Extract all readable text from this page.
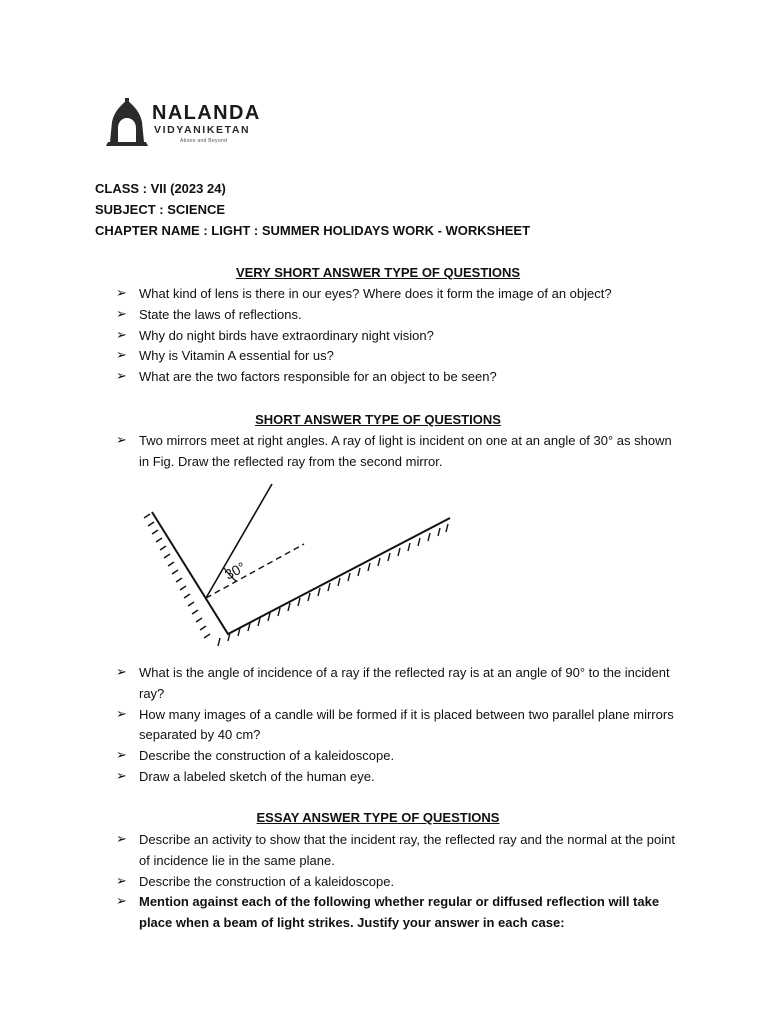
NALANDA
VIDYANIKETAN
Above and Beyond
CLASS : VII (2023 24)
SUBJECT : SCIENCE
CHAPTER NAME : LIGHT : SUMMER HOLIDAYS WORK - WORKSHEET
VERY SHORT ANSWER TYPE OF QUESTIONS
➢ What kind of lens is there in our eyes? Where does it form the image of an object?
➢ State the laws of reflections.
➢ Why do night birds have extraordinary night vision?
➢ Why is Vitamin A essential for us?
➢ What are the two factors responsible for an object to be seen?
SHORT ANSWER TYPE OF QUESTIONS
➢ Two mirrors meet at right angles. A ray of light is incident on one at an angle of 30° as shown in Fig. Draw the reflected ray from the second mirror.
30°
➢ What is the angle of incidence of a ray if the reflected ray is at an angle of 90° to the incident ray?
➢ How many images of a candle will be formed if it is placed between two parallel plane mirrors separated by 40 cm?
➢ Describe the construction of a kaleidoscope.
➢ Draw a labeled sketch of the human eye.
ESSAY ANSWER TYPE OF QUESTIONS
➢ Describe an activity to show that the incident ray, the reflected ray and the normal at the point of incidence lie in the same plane.
➢ Describe the construction of a kaleidoscope.
➢ Mention against each of the following whether regular or diffused reflection will take place when a beam of light strikes. Justify your answer in each case:
